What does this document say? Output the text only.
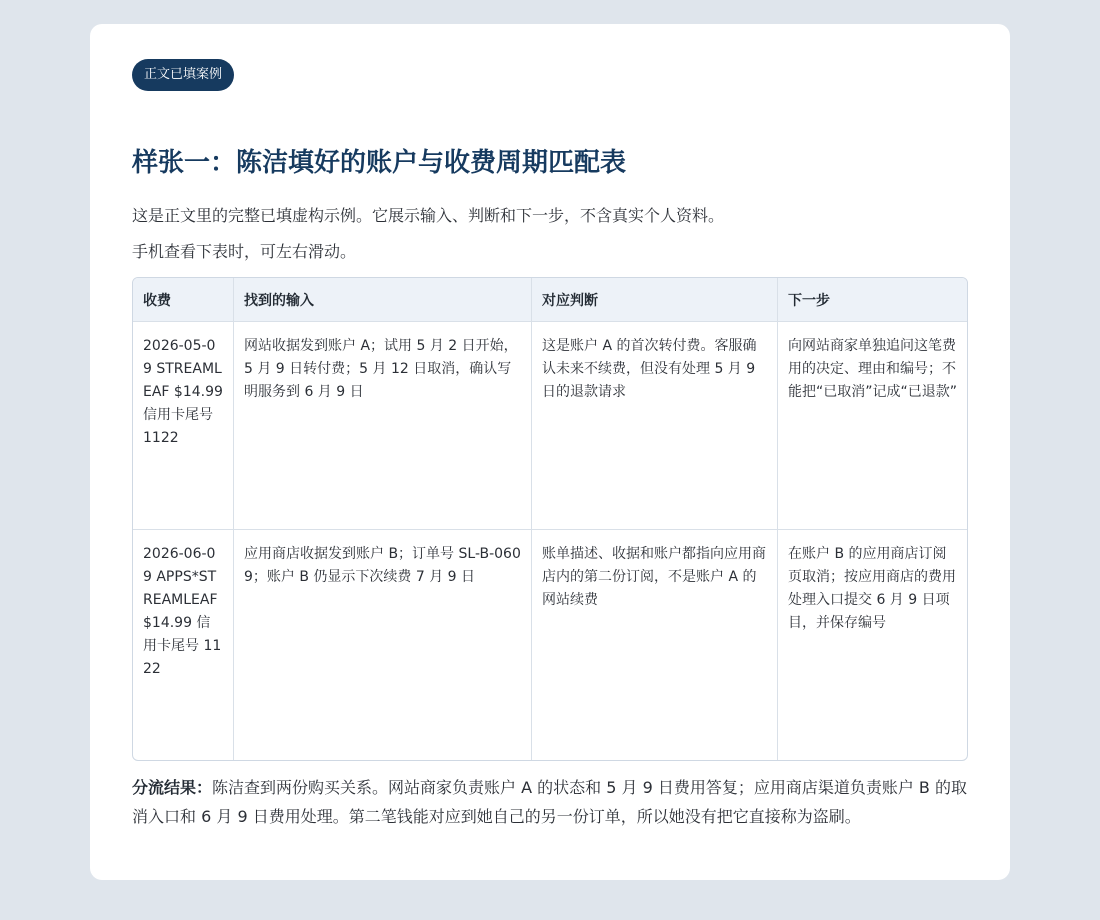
正文已填案例
样张一：陈洁填好的账户与收费周期匹配表

这是正文里的完整已填虚构示例。它展示输入、判断和下一步，不含真实个人资料。

手机查看下表时，可左右滑动。

收费	找到的输入	对应判断	下一步
2026-05-09 STREAMLEAF $14.99 信用卡尾号 1122	网站收据发到账户 A；试用 5 月 2 日开始，5 月 9 日转付费；5 月 12 日取消，确认写明服务到 6 月 9 日	这是账户 A 的首次转付费。客服确认未来不续费，但没有处理 5 月 9 日的退款请求	向网站商家单独追问这笔费用的决定、理由和编号；不能把“已取消”记成“已退款”
2026-06-09 APPS*STREAMLEAF $14.99 信用卡尾号 1122	应用商店收据发到账户 B；订单号 SL-B-0609；账户 B 仍显示下次续费 7 月 9 日	账单描述、收据和账户都指向应用商店内的第二份订阅，不是账户 A 的网站续费	在账户 B 的应用商店订阅页取消；按应用商店的费用处理入口提交 6 月 9 日项目，并保存编号

分流结果：陈洁查到两份购买关系。网站商家负责账户 A 的状态和 5 月 9 日费用答复；应用商店渠道负责账户 B 的取消入口和 6 月 9 日费用处理。第二笔钱能对应到她自己的另一份订单，所以她没有把它直接称为盗刷。
